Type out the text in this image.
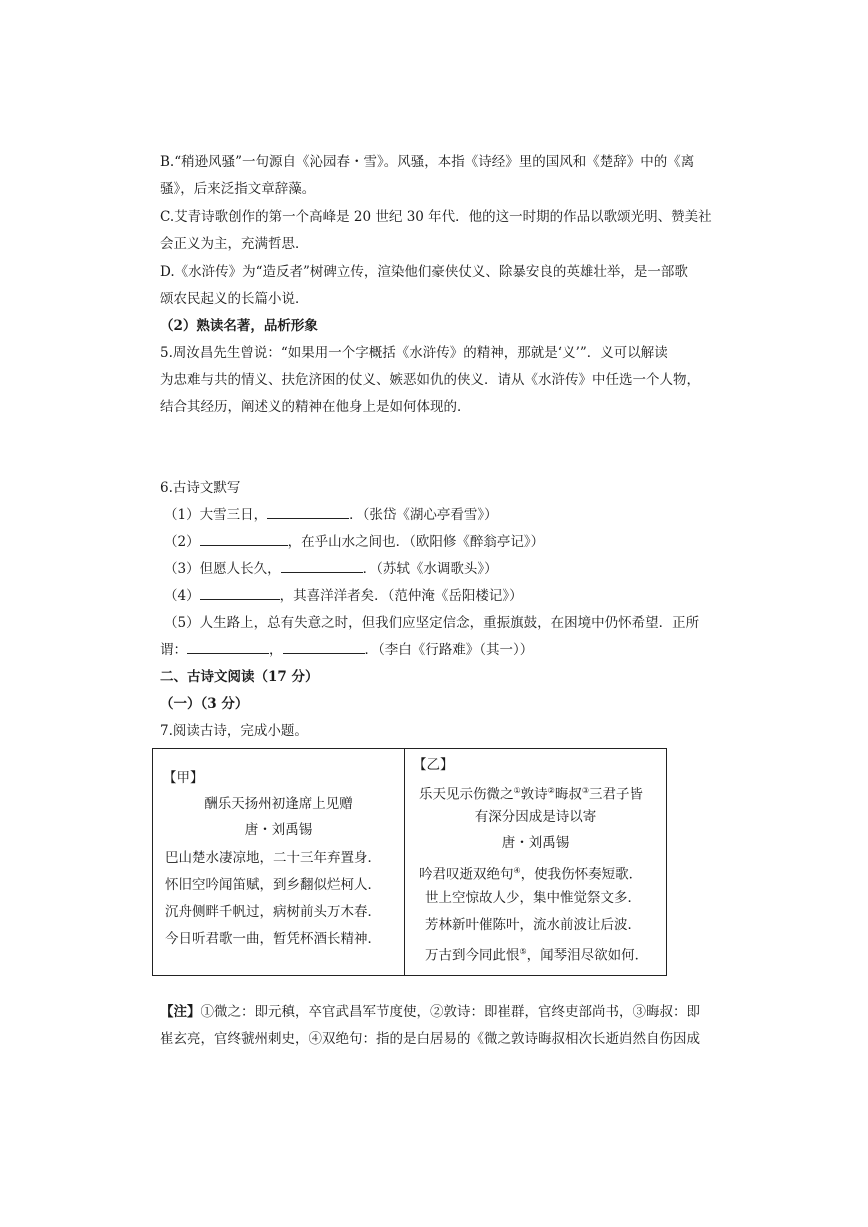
B.“稍逊风骚”一句源自《沁园春・雪》。风骚，本指《诗经》里的国风和《楚辞》中的《离
骚》，后来泛指文章辞藻。
C.艾青诗歌创作的第一个高峰是 20 世纪 30 年代．他的这一时期的作品以歌颂光明、赞美社
会正义为主，充满哲思．
D.《水浒传》为“造反者”树碑立传，渲染他们豪侠仗义、除暴安良的英雄壮举，是一部歌
颂农民起义的长篇小说．
（2）熟读名著，品析形象
5.周汝昌先生曾说：“如果用一个字概括《水浒传》的精神，那就是‘义’”．义可以解读
为忠难与共的情义、扶危济困的仗义、嫉恶如仇的侠义．请从《水浒传》中任选一个人物，
结合其经历，阐述义的精神在他身上是如何体现的．
6.古诗文默写
（1）大雪三日，	．（张岱《湖心亭看雪》）
（2）	，在乎山水之间也．（欧阳修《醉翁亭记》）
（3）但愿人长久，	．（苏轼《水调歌头》）
（4）	，其喜洋洋者矣．（范仲淹《岳阳楼记》）
（5）人生路上，总有失意之时，但我们应坚定信念，重振旗鼓，在困境中仍怀希望．正所
谓：	，	．（李白《行路难》（其一））
二、古诗文阅读（17 分）
（一）（3 分）
7.阅读古诗，完成小题。
【甲】
酬乐天扬州初逢席上见赠
唐・刘禹锡
巴山楚水凄凉地，二十三年弃置身．
怀旧空吟闻笛赋，到乡翻似烂柯人．
沉舟侧畔千帆过，病树前头万木春．
今日听君歌一曲，暂凭杯酒长精神．
【乙】
乐天见示伤微之①敦诗②晦叔③三君子皆
有深分因成是诗以寄
唐・刘禹锡
吟君叹逝双绝句④，使我伤怀奏短歌．
世上空惊故人少，集中惟觉祭文多．
芳林新叶催陈叶，流水前波让后波．
万古到今同此恨⑤，闻琴泪尽欲如何．
【注】①微之：即元稹，卒官武昌军节度使，②敦诗：即崔群，官终吏部尚书，③晦叔：即
崔玄亮，官终虢州刺史，④双绝句：指的是白居易的《微之敦诗晦叔相次长逝岿然自伤因成
